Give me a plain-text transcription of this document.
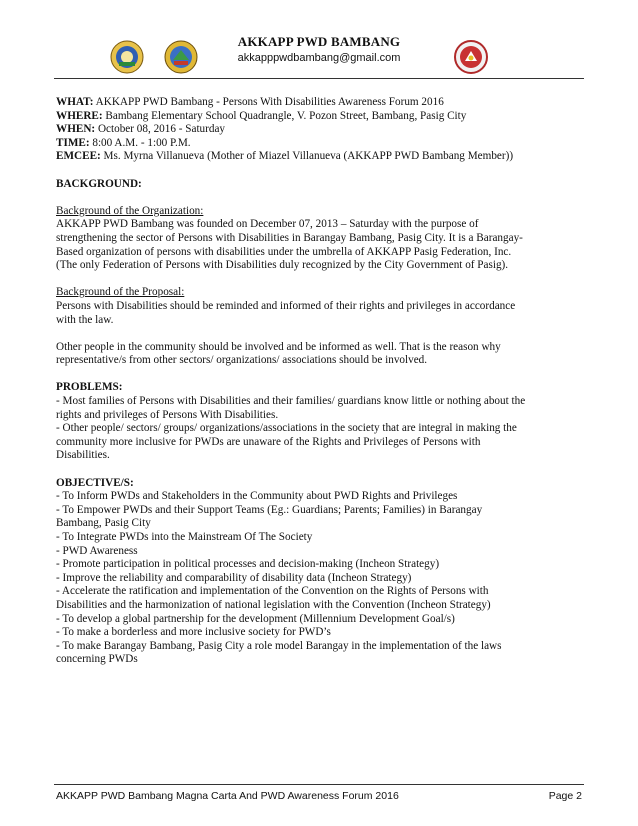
AKKAPP PWD BAMBANG
akkapppwdbambang@gmail.com
WHAT: AKKAPP PWD Bambang - Persons With Disabilities Awareness Forum 2016
WHERE: Bambang Elementary School Quadrangle, V. Pozon Street, Bambang, Pasig City
WHEN: October 08, 2016 - Saturday
TIME: 8:00 A.M. - 1:00 P.M.
EMCEE: Ms. Myrna Villanueva (Mother of Miazel Villanueva (AKKAPP PWD Bambang Member))
BACKGROUND:
Background of the Organization:
AKKAPP PWD Bambang was founded on December 07, 2013 – Saturday with the purpose of
strengthening the sector of Persons with Disabilities in Barangay Bambang, Pasig City. It is a Barangay-
Based organization of persons with disabilities under the umbrella of AKKAPP Pasig Federation, Inc.
(The only Federation of Persons with Disabilities duly recognized by the City Government of Pasig).
Background of the Proposal:
Persons with Disabilities should be reminded and informed of their rights and privileges in accordance
with the law.
Other people in the community should be involved and be informed as well. That is the reason why
representative/s from other sectors/ organizations/ associations should be involved.
PROBLEMS:
- Most families of Persons with Disabilities and their families/ guardians know little or nothing about the
rights and privileges of Persons With Disabilities.
- Other people/ sectors/ groups/ organizations/associations in the society that are integral in making the
community more inclusive for PWDs are unaware of the Rights and Privileges of Persons with
Disabilities.
OBJECTIVE/S:
- To Inform PWDs and Stakeholders in the Community about PWD Rights and Privileges
- To Empower PWDs and their Support Teams (Eg.: Guardians; Parents; Families) in Barangay
Bambang, Pasig City
- To Integrate PWDs into the Mainstream Of The Society
- PWD Awareness
- Promote participation in political processes and decision-making (Incheon Strategy)
- Improve the reliability and comparability of disability data (Incheon Strategy)
- Accelerate the ratification and implementation of the Convention on the Rights of Persons with
Disabilities and the harmonization of national legislation with the Convention (Incheon Strategy)
- To develop a global partnership for the development (Millennium Development Goal/s)
- To make a borderless and more inclusive society for PWD’s
- To make Barangay Bambang, Pasig City a role model Barangay in the implementation of the laws
concerning PWDs
AKKAPP PWD Bambang Magna Carta And PWD Awareness Forum 2016	Page 2
